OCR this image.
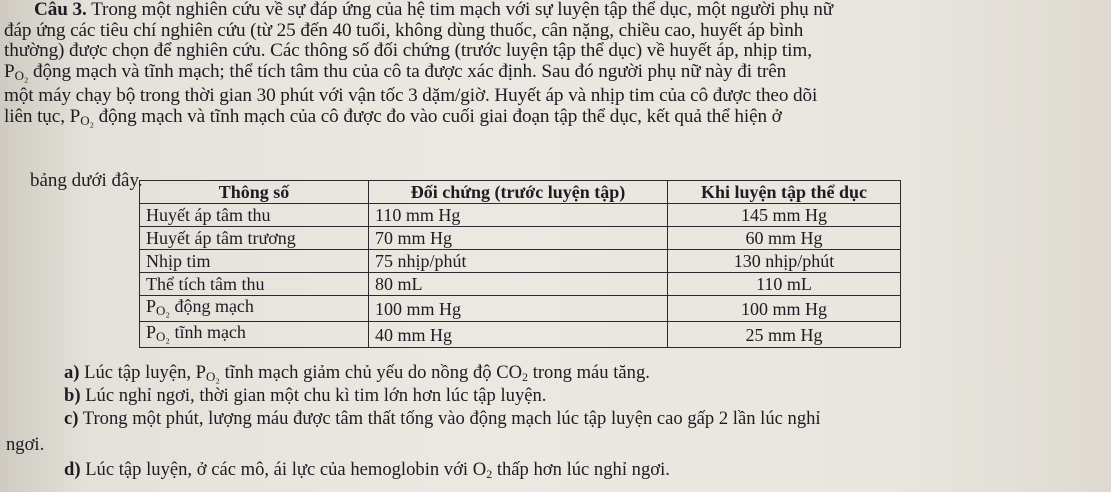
Câu 3. Trong một nghiên cứu về sự đáp ứng của hệ tim mạch với sự luyện tập thể dục, một người phụ nữ
đáp ứng các tiêu chí nghiên cứu (từ 25 đến 40 tuổi, không dùng thuốc, cân nặng, chiều cao, huyết áp bình
thường) được chọn để nghiên cứu. Các thông số đối chứng (trước luyện tập thể dục) về huyết áp, nhịp tim,
$P_{O_2}$ động mạch và tĩnh mạch; thể tích tâm thu của cô ta được xác định. Sau đó người phụ nữ này đi trên
một máy chạy bộ trong thời gian 30 phút với vận tốc 3 dặm/giờ. Huyết áp và nhịp tim của cô được theo dõi
liên tục, $P_{O_2}$ động mạch và tĩnh mạch của cô được đo vào cuối giai đoạn tập thể dục, kết quả thể hiện ở
bảng dưới đây.
Thông số	Đối chứng (trước luyện tập)	Khi luyện tập thể dục
Huyết áp tâm thu	110 mm Hg	145 mm Hg
Huyết áp tâm trương	70 mm Hg	60 mm Hg
Nhịp tim	75 nhịp/phút	130 nhịp/phút
Thể tích tâm thu	80 mL	110 mL
$P_{O_2}$ động mạch	100 mm Hg	100 mm Hg
$P_{O_2}$ tĩnh mạch	40 mm Hg	25 mm Hg
a) Lúc tập luyện, $P_{O_2}$ tĩnh mạch giảm chủ yếu do nồng độ $CO_2$ trong máu tăng.
b) Lúc nghỉ ngơi, thời gian một chu kì tim lớn hơn lúc tập luyện.
c) Trong một phút, lượng máu được tâm thất tống vào động mạch lúc tập luyện cao gấp 2 lần lúc nghỉ
ngơi.
d) Lúc tập luyện, ở các mô, ái lực của hemoglobin với $O_2$ thấp hơn lúc nghỉ ngơi.
